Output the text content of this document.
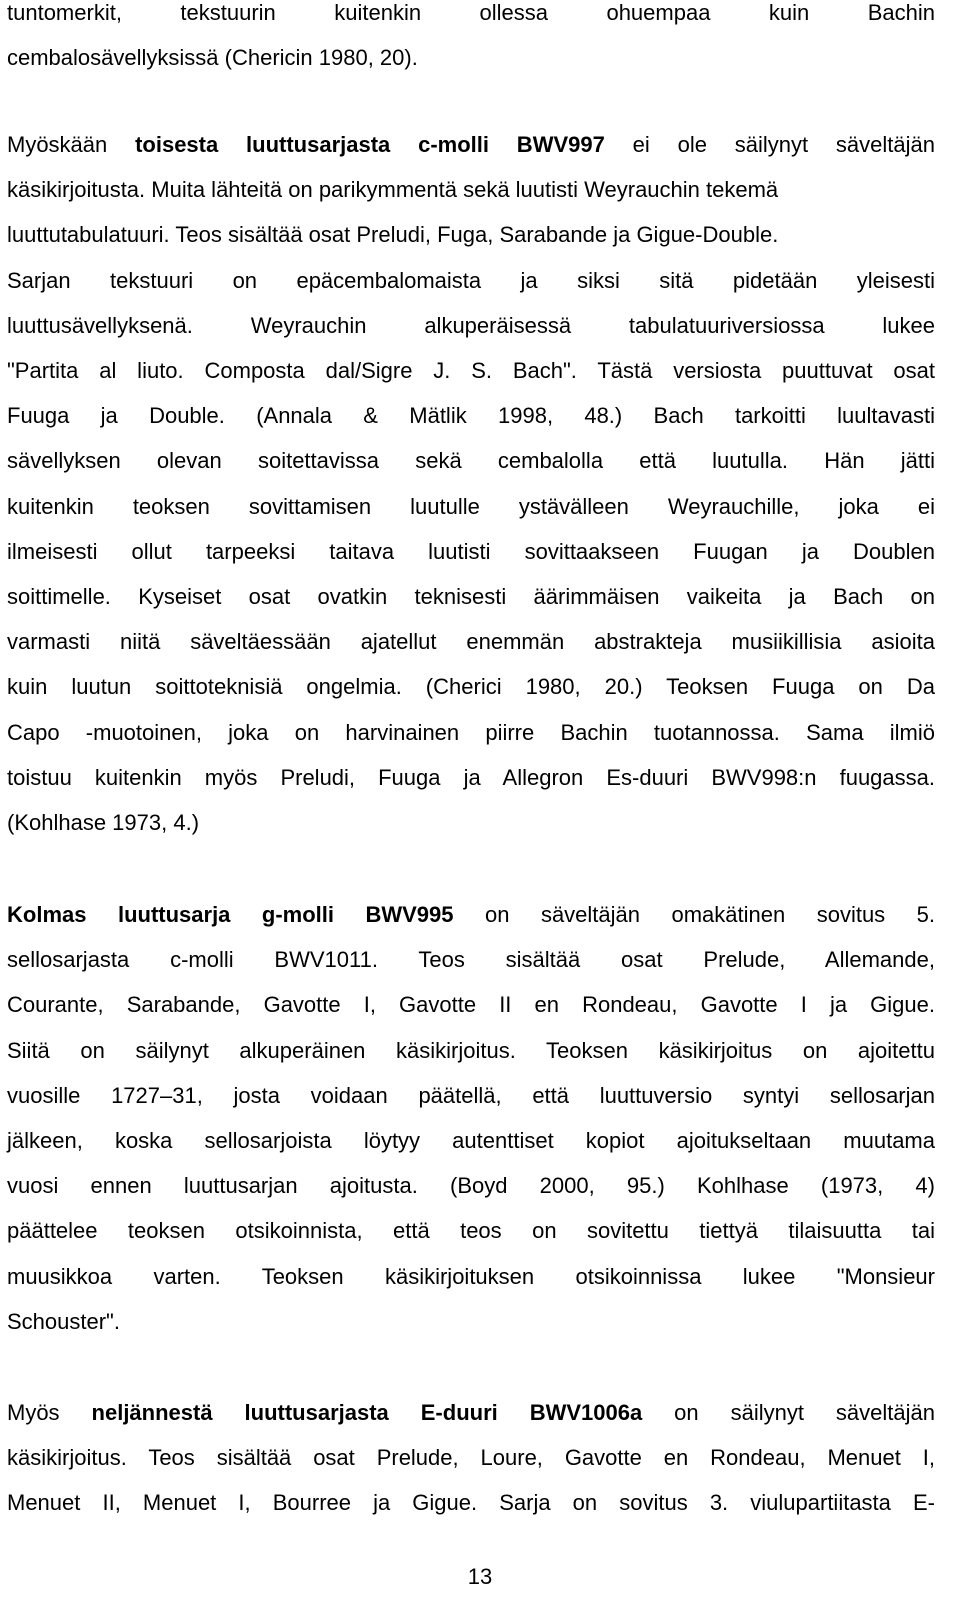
tuntomerkit, tekstuurin kuitenkin ollessa ohuempaa kuin Bachin
cembalosävellyksissä (Chericin 1980, 20).
Myöskään toisesta luuttusarjasta c-molli BWV997 ei ole säilynyt säveltäjän
käsikirjoitusta. Muita lähteitä on parikymmentä sekä luutisti Weyrauchin tekemä
luuttutabulatuuri. Teos sisältää osat Preludi, Fuga, Sarabande ja Gigue-Double.
Sarjan tekstuuri on epäcembalomaista ja siksi sitä pidetään yleisesti
luuttusävellyksenä. Weyrauchin alkuperäisessä tabulatuuriversiossa lukee
"Partita al liuto. Composta dal/Sigre J. S. Bach". Tästä versiosta puuttuvat osat
Fuuga ja Double. (Annala & Mätlik 1998, 48.) Bach tarkoitti luultavasti
sävellyksen olevan soitettavissa sekä cembalolla että luutulla. Hän jätti
kuitenkin teoksen sovittamisen luutulle ystävälleen Weyrauchille, joka ei
ilmeisesti ollut tarpeeksi taitava luutisti sovittaakseen Fuugan ja Doublen
soittimelle. Kyseiset osat ovatkin teknisesti äärimmäisen vaikeita ja Bach on
varmasti niitä säveltäessään ajatellut enemmän abstrakteja musiikillisia asioita
kuin luutun soittoteknisiä ongelmia. (Cherici 1980, 20.) Teoksen Fuuga on Da
Capo -muotoinen, joka on harvinainen piirre Bachin tuotannossa. Sama ilmiö
toistuu kuitenkin myös Preludi, Fuuga ja Allegron Es-duuri BWV998:n fuugassa.
(Kohlhase 1973, 4.)
Kolmas luuttusarja g-molli BWV995 on säveltäjän omakätinen sovitus 5.
sellosarjasta c-molli BWV1011. Teos sisältää osat Prelude, Allemande,
Courante, Sarabande, Gavotte I, Gavotte II en Rondeau, Gavotte I ja Gigue.
Siitä on säilynyt alkuperäinen käsikirjoitus. Teoksen käsikirjoitus on ajoitettu
vuosille 1727–31, josta voidaan päätellä, että luuttuversio syntyi sellosarjan
jälkeen, koska sellosarjoista löytyy autenttiset kopiot ajoitukseltaan muutama
vuosi ennen luuttusarjan ajoitusta. (Boyd 2000, 95.) Kohlhase (1973, 4)
päättelee teoksen otsikoinnista, että teos on sovitettu tiettyä tilaisuutta tai
muusikkoa varten. Teoksen käsikirjoituksen otsikoinnissa lukee "Monsieur
Schouster".
Myös neljännestä luuttusarjasta E-duuri BWV1006a on säilynyt säveltäjän
käsikirjoitus. Teos sisältää osat Prelude, Loure, Gavotte en Rondeau, Menuet I,
Menuet II, Menuet I, Bourree ja Gigue. Sarja on sovitus 3. viulupartiitasta E-
13
